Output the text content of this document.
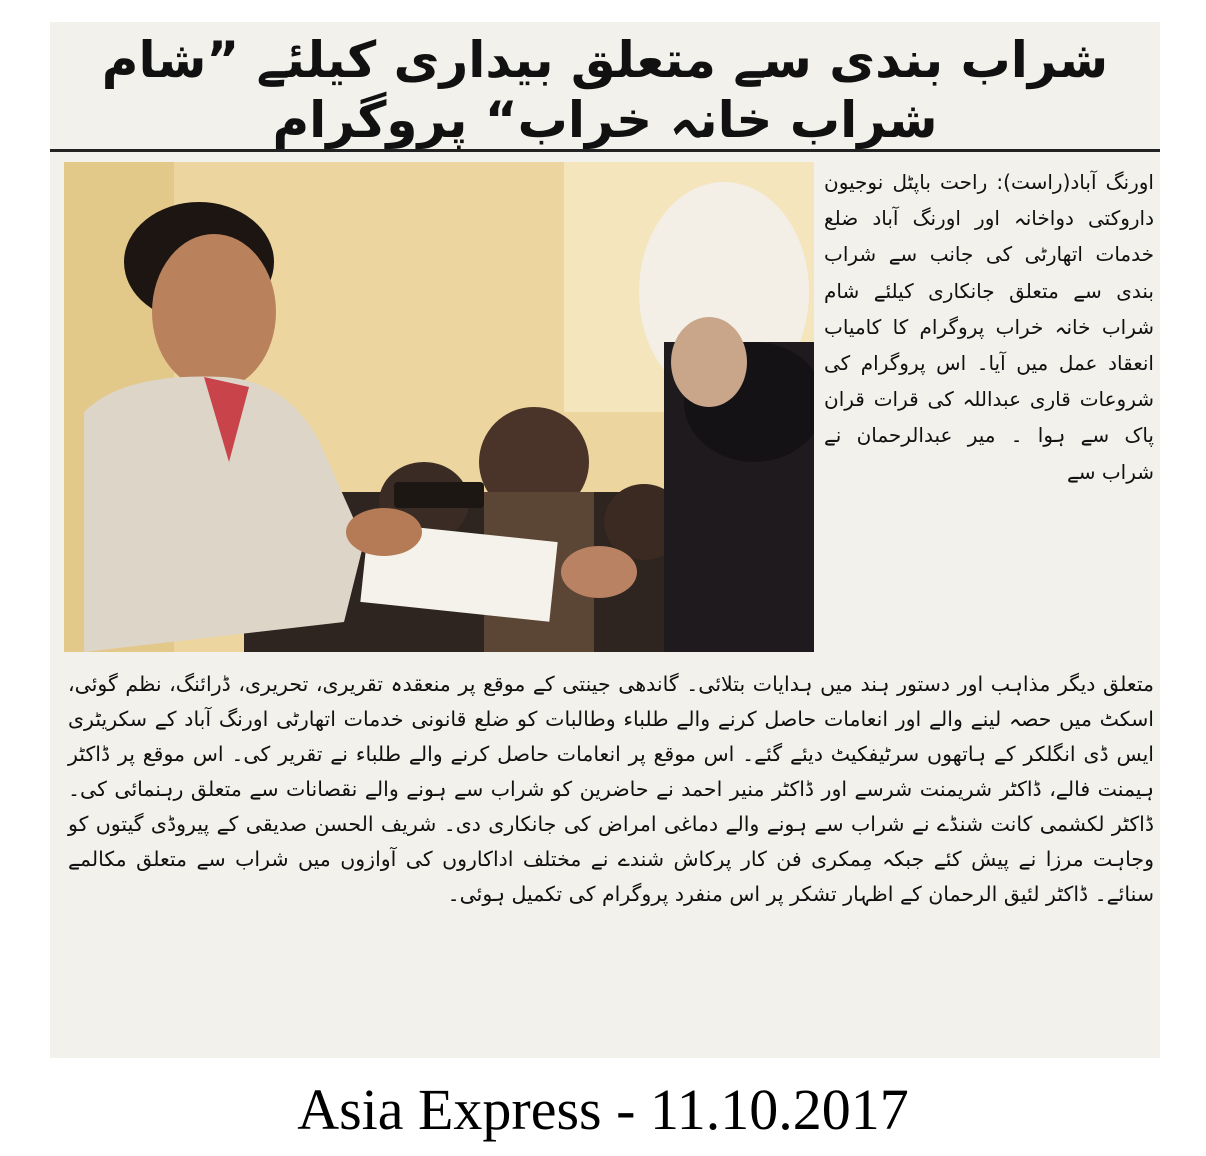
شراب بندی سے متعلق بیداری کیلئے ”شام شراب خانہ خراب“ پروگرام
اورنگ آباد(راست): راحت باپٹل نوجیون داروکتی دواخانہ اور اورنگ آباد ضلع خدمات اتھارٹی کی جانب سے شراب بندی سے متعلق جانکاری کیلئے شام شراب خانہ خراب پروگرام کا کامیاب انعقاد عمل میں آیا۔ اس پروگرام کی شروعات قاری عبداللہ کی قرات قران پاک سے ہوا ۔ میر عبدالرحمان نے شراب سے
متعلق دیگر مذاہب اور دستور ہند میں ہدایات بتلائی۔ گاندھی جینتی کے موقع پر منعقدہ تقریری، تحریری، ڈرائنگ، نظم گوئی، اسکٹ میں حصہ لینے والے اور انعامات حاصل کرنے والے طلباء وطالبات کو ضلع قانونی خدمات اتھارٹی اورنگ آباد کے سکریٹری ایس ڈی انگلکر کے ہاتھوں سرٹیفکیٹ دیئے گئے۔ اس موقع پر انعامات حاصل کرنے والے طلباء نے تقریر کی۔ اس موقع پر ڈاکٹر ہیمنت فالے، ڈاکٹر شریمنت شرسے اور ڈاکٹر منیر احمد نے حاضرین کو شراب سے ہونے والے نقصانات سے متعلق رہنمائی کی۔ ڈاکٹر لکشمی کانت شنڈے نے شراب سے ہونے والے دماغی امراض کی جانکاری دی۔ شریف الحسن صدیقی کے پیروڈی گیتوں کو وجاہت مرزا نے پیش کئے جبکہ مِمکری فن کار پرکاش شندے نے مختلف اداکاروں کی آوازوں میں شراب سے متعلق مکالمے سنائے۔ ڈاکٹر لئیق الرحمان کے اظہار تشکر پر اس منفرد پروگرام کی تکمیل ہوئی۔
Asia Express - 11.10.2017
